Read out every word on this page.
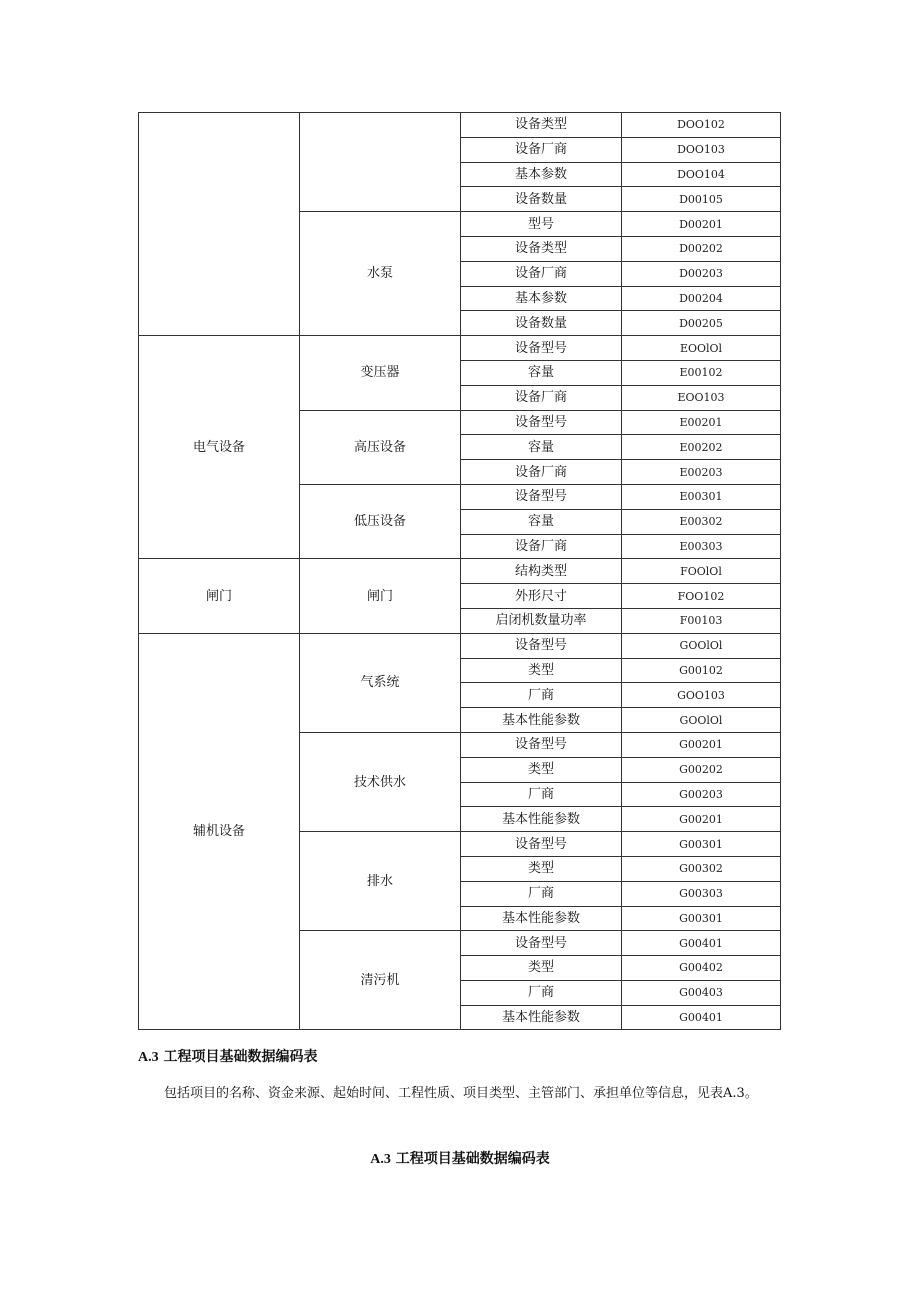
		设备类型	DOO102
		设备厂商	DOO103
		基本参数	DOO104
		设备数量	D00105
	水泵	型号	D00201
		设备类型	D00202
		设备厂商	D00203
		基本参数	D00204
		设备数量	D00205
电气设备	变压器	设备型号	EOOlOl
		容量	E00102
		设备厂商	EOO103
	高压设备	设备型号	E00201
		容量	E00202
		设备厂商	E00203
	低压设备	设备型号	E00301
		容量	E00302
		设备厂商	E00303
闸门	闸门	结构类型	FOOlOl
		外形尺寸	FOO102
		启闭机数量功率	F00103
辅机设备	气系统	设备型号	GOOlOl
		类型	G00102
		厂商	GOO103
		基本性能参数	GOOlOl
	技术供水	设备型号	G00201
		类型	G00202
		厂商	G00203
		基本性能参数	G00201
	排水	设备型号	G00301
		类型	G00302
		厂商	G00303
		基本性能参数	G00301
	清污机	设备型号	G00401
		类型	G00402
		厂商	G00403
		基本性能参数	G00401
A.3 工程项目基础数据编码表

包括项目的名称、资金来源、起始时间、工程性质、项目类型、主管部门、承担单位等信息，见表A.3。

A.3 工程项目基础数据编码表
